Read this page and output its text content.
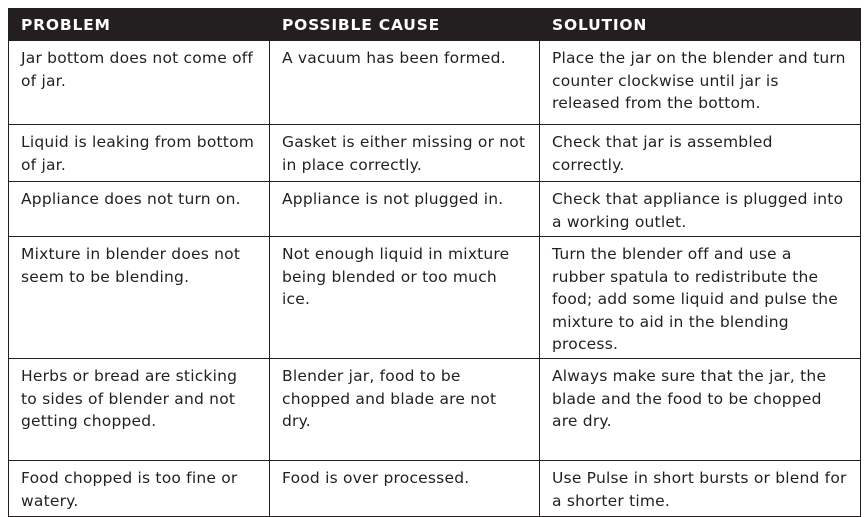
PROBLEM	POSSIBLE CAUSE	SOLUTION
Jar bottom does not come off of jar.	A vacuum has been formed.	Place the jar on the blender and turn counter clockwise until jar is released from the bottom.
Liquid is leaking from bottom of jar.	Gasket is either missing or not in place correctly.	Check that jar is assembled correctly.
Appliance does not turn on.	Appliance is not plugged in.	Check that appliance is plugged into a working outlet.
Mixture in blender does not seem to be blending.	Not enough liquid in mixture being blended or too much ice.	Turn the blender off and use a rubber spatula to redistribute the food; add some liquid and pulse the mixture to aid in the blending process.
Herbs or bread are sticking to sides of blender and not getting chopped.	Blender jar, food to be chopped and blade are not dry.	Always make sure that the jar, the blade and the food to be chopped are dry.
Food chopped is too fine or watery.	Food is over processed.	Use Pulse in short bursts or blend for a shorter time.
